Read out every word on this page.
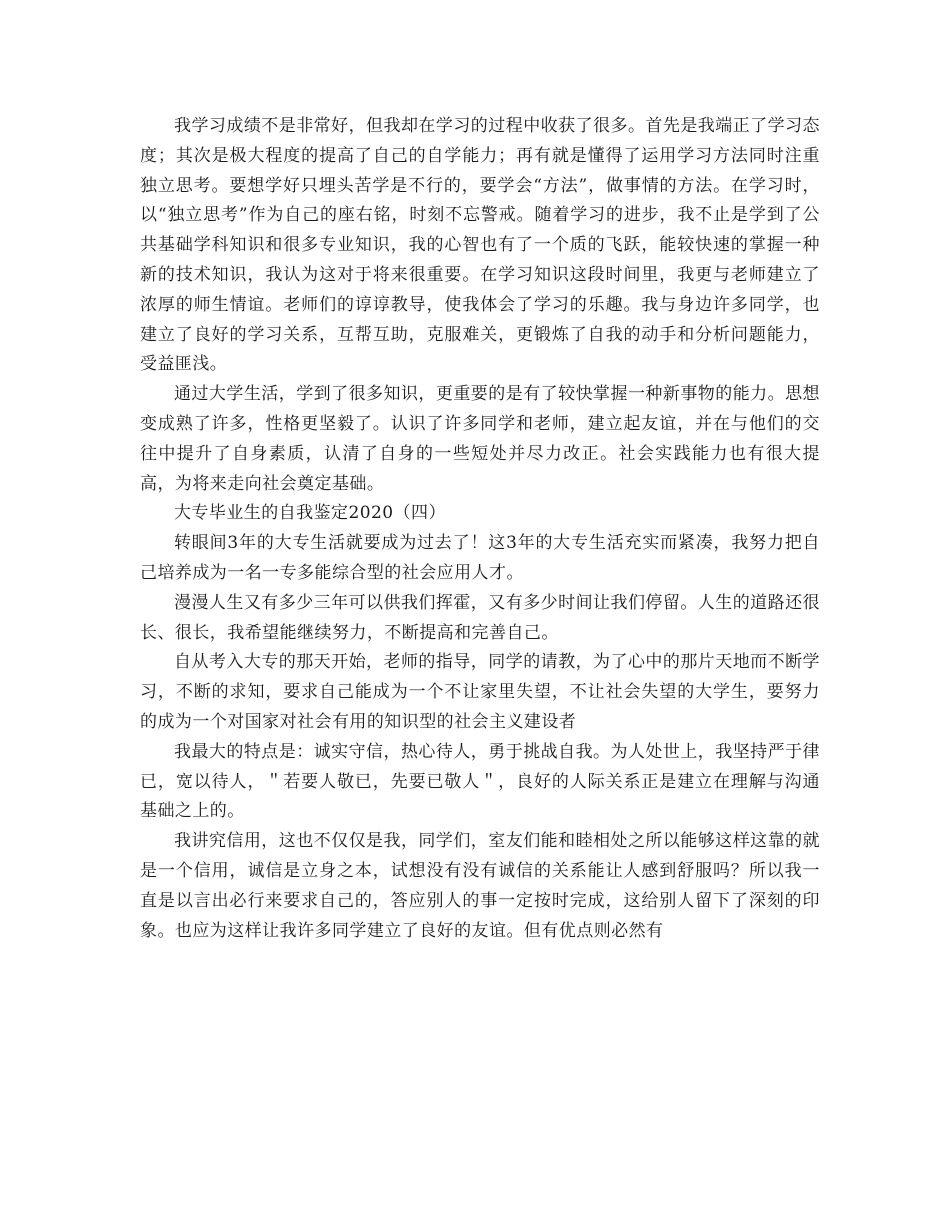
我学习成绩不是非常好，但我却在学习的过程中收获了很多。首先是我端正了学习态度；其次是极大程度的提高了自己的自学能力；再有就是懂得了运用学习方法同时注重独立思考。要想学好只埋头苦学是不行的，要学会“方法”，做事情的方法。在学习时，以“独立思考”作为自己的座右铭，时刻不忘警戒。随着学习的进步，我不止是学到了公共基础学科知识和很多专业知识，我的心智也有了一个质的飞跃，能较快速的掌握一种新的技术知识，我认为这对于将来很重要。在学习知识这段时间里，我更与老师建立了浓厚的师生情谊。老师们的谆谆教导，使我体会了学习的乐趣。我与身边许多同学，也建立了良好的学习关系，互帮互助，克服难关，更锻炼了自我的动手和分析问题能力，受益匪浅。

通过大学生活，学到了很多知识，更重要的是有了较快掌握一种新事物的能力。思想变成熟了许多，性格更坚毅了。认识了许多同学和老师，建立起友谊，并在与他们的交往中提升了自身素质，认清了自身的一些短处并尽力改正。社会实践能力也有很大提高，为将来走向社会奠定基础。

大专毕业生的自我鉴定2020（四）

转眼间3年的大专生活就要成为过去了！这3年的大专生活充实而紧凑，我努力把自己培养成为一名一专多能综合型的社会应用人才。

漫漫人生又有多少三年可以供我们挥霍，又有多少时间让我们停留。人生的道路还很长、很长，我希望能继续努力，不断提高和完善自己。

自从考入大专的那天开始，老师的指导，同学的请教，为了心中的那片天地而不断学习，不断的求知，要求自己能成为一个不让家里失望，不让社会失望的大学生，要努力的成为一个对国家对社会有用的知识型的社会主义建设者

我最大的特点是：诚实守信，热心待人，勇于挑战自我。为人处世上，我坚持严于律已，宽以待人，＂若要人敬已，先要已敬人＂，良好的人际关系正是建立在理解与沟通基础之上的。

我讲究信用，这也不仅仅是我，同学们，室友们能和睦相处之所以能够这样这靠的就是一个信用，诚信是立身之本，试想没有没有诚信的关系能让人感到舒服吗？所以我一直是以言出必行来要求自己的，答应别人的事一定按时完成，这给别人留下了深刻的印象。也应为这样让我许多同学建立了良好的友谊。但有优点则必然有
